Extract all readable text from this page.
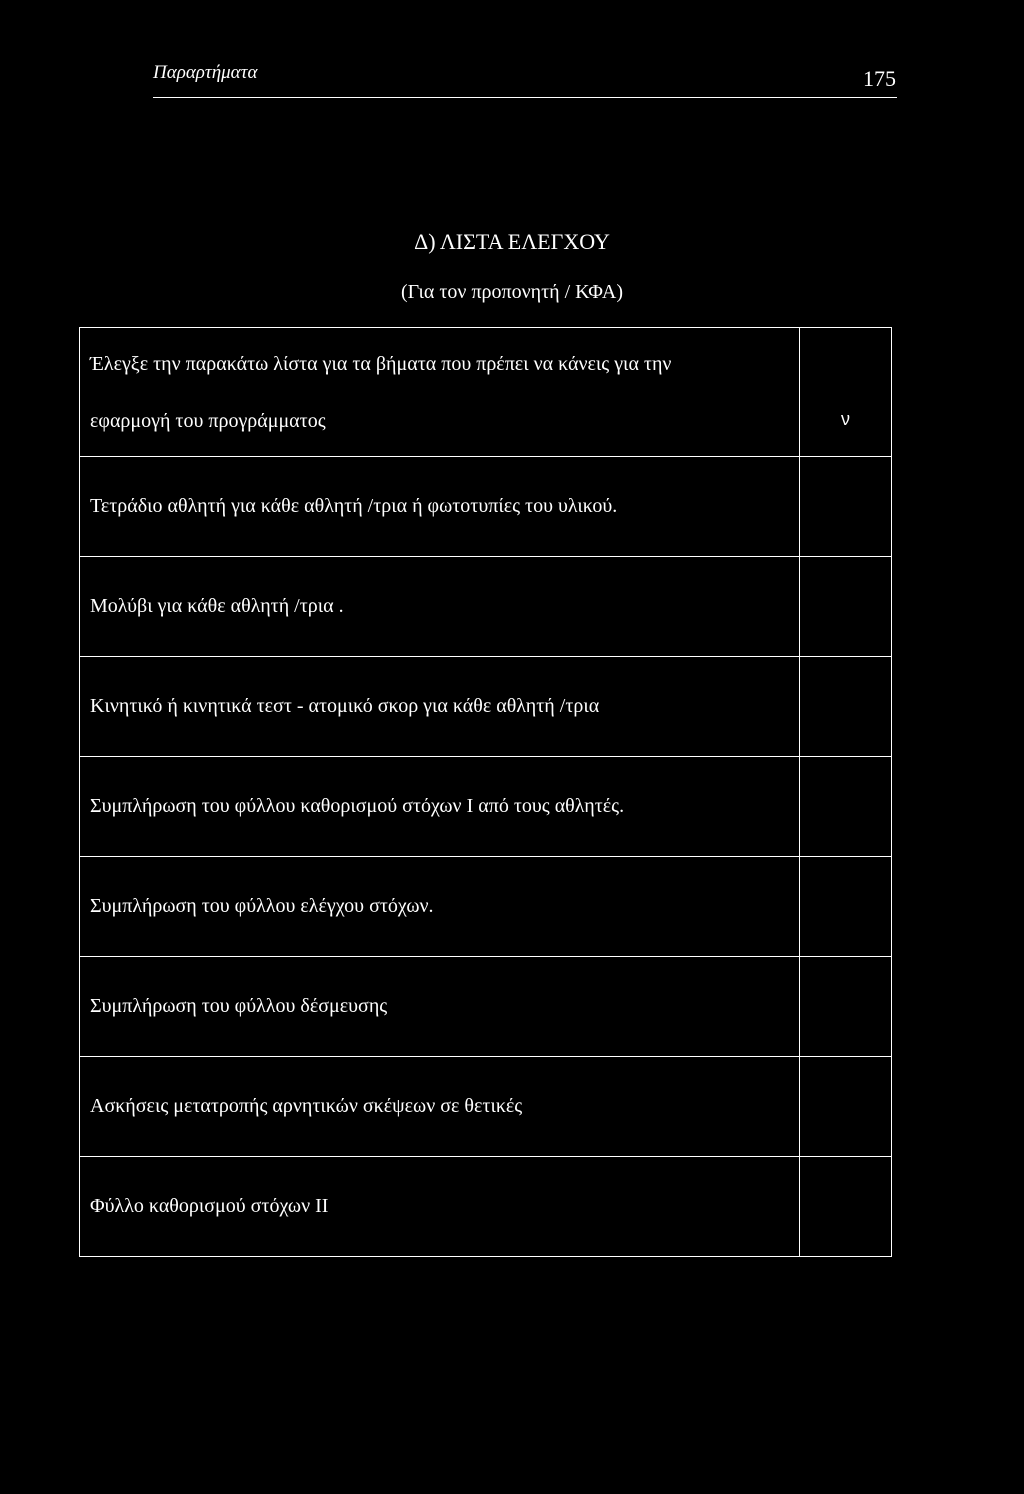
Παραρτήματα	175
Δ) ΛΙΣΤΑ ΕΛΕΓΧΟΥ
(Για τον προπονητή / ΚΦΑ)
Έλεγξε την παρακάτω λίστα για τα βήματα που πρέπει να κάνεις για την
εφαρμογή του προγράμματος	ν
Τετράδιο αθλητή για κάθε αθλητή /τρια ή φωτοτυπίες του υλικού.	
Μολύβι για κάθε αθλητή /τρια .	
Κινητικό ή κινητικά τεστ - ατομικό σκορ για κάθε αθλητή /τρια	
Συμπλήρωση του φύλλου καθορισμού στόχων Ι από τους αθλητές.	
Συμπλήρωση του φύλλου ελέγχου στόχων.	
Συμπλήρωση του φύλλου δέσμευσης	
Ασκήσεις μετατροπής αρνητικών σκέψεων σε θετικές	
Φύλλο καθορισμού στόχων ΙΙ	
